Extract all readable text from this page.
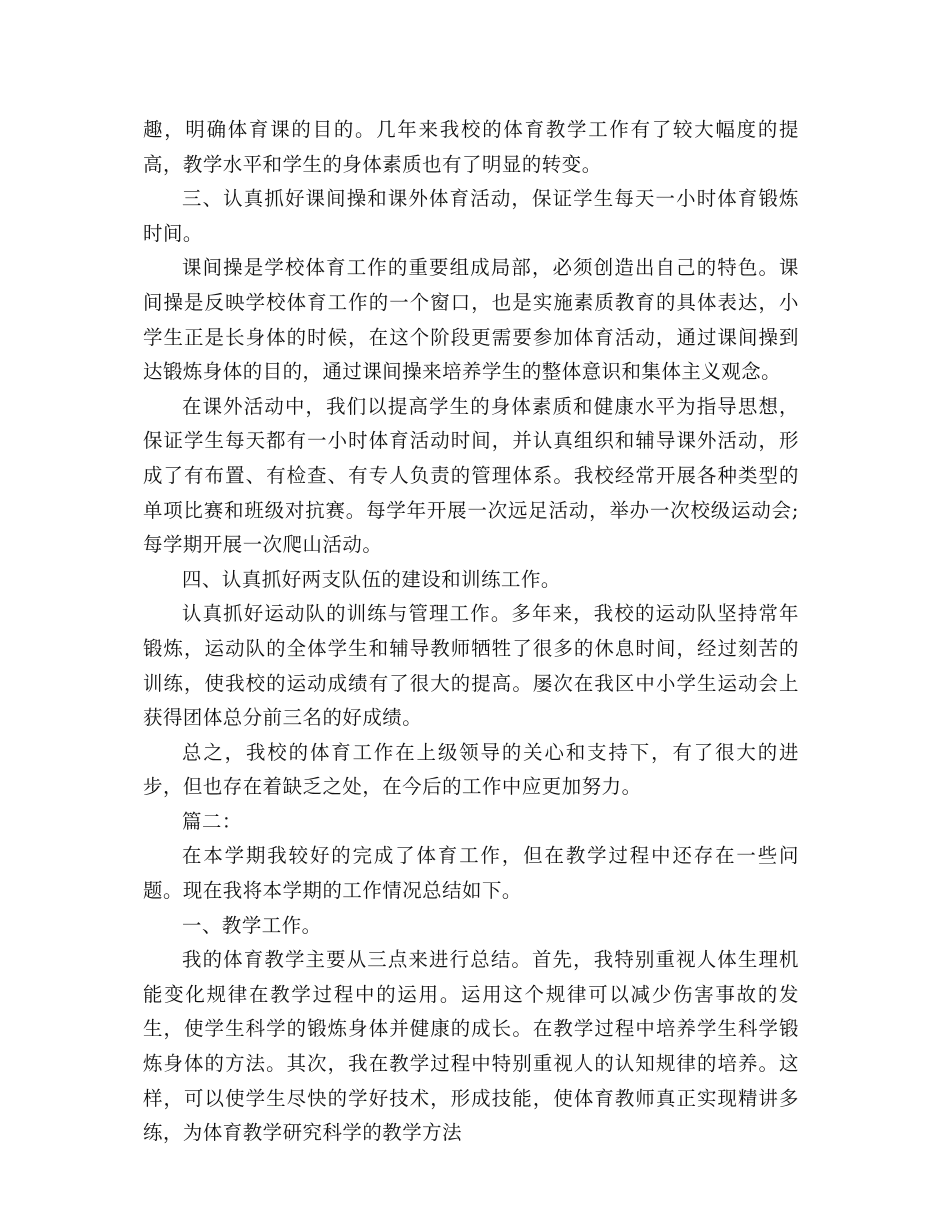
趣，明确体育课的目的。几年来我校的体育教学工作有了较大幅度的提高，教学水平和学生的身体素质也有了明显的转变。

三、认真抓好课间操和课外体育活动，保证学生每天一小时体育锻炼时间。

课间操是学校体育工作的重要组成局部，必须创造出自己的特色。课间操是反映学校体育工作的一个窗口，也是实施素质教育的具体表达，小学生正是长身体的时候，在这个阶段更需要参加体育活动，通过课间操到达锻炼身体的目的，通过课间操来培养学生的整体意识和集体主义观念。

在课外活动中，我们以提高学生的身体素质和健康水平为指导思想，保证学生每天都有一小时体育活动时间，并认真组织和辅导课外活动，形成了有布置、有检查、有专人负责的管理体系。我校经常开展各种类型的单项比赛和班级对抗赛。每学年开展一次远足活动，举办一次校级运动会;每学期开展一次爬山活动。

四、认真抓好两支队伍的建设和训练工作。

认真抓好运动队的训练与管理工作。多年来，我校的运动队坚持常年锻炼，运动队的全体学生和辅导教师牺牲了很多的休息时间，经过刻苦的训练，使我校的运动成绩有了很大的提高。屡次在我区中小学生运动会上获得团体总分前三名的好成绩。

总之，我校的体育工作在上级领导的关心和支持下，有了很大的进步，但也存在着缺乏之处，在今后的工作中应更加努力。

篇二：

在本学期我较好的完成了体育工作，但在教学过程中还存在一些问题。现在我将本学期的工作情况总结如下。

一、教学工作。

我的体育教学主要从三点来进行总结。首先，我特别重视人体生理机能变化规律在教学过程中的运用。运用这个规律可以减少伤害事故的发生，使学生科学的锻炼身体并健康的成长。在教学过程中培养学生科学锻炼身体的方法。其次，我在教学过程中特别重视人的认知规律的培养。这样，可以使学生尽快的学好技术，形成技能，使体育教师真正实现精讲多练，为体育教学研究科学的教学方法
